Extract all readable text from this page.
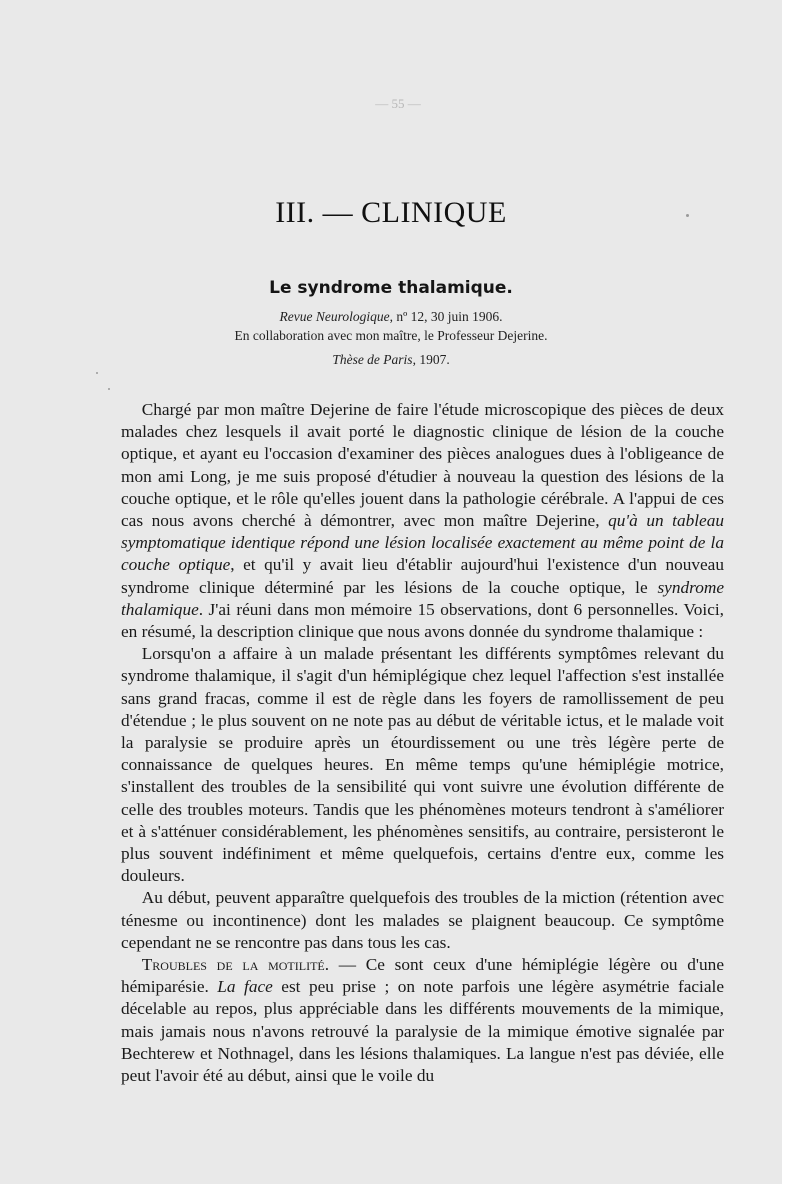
— 55 —
III. — CLINIQUE
Le syndrome thalamique.
Revue Neurologique, nº 12, 30 juin 1906.
En collaboration avec mon maître, le Professeur Dejerine.
Thèse de Paris, 1907.

Chargé par mon maître Dejerine de faire l'étude microscopique des pièces de deux malades chez lesquels il avait porté le diagnostic clinique de lésion de la couche optique, et ayant eu l'occasion d'examiner des pièces analogues dues à l'obligeance de mon ami Long, je me suis proposé d'étudier à nouveau la question des lésions de la couche optique, et le rôle qu'elles jouent dans la pathologie cérébrale. A l'appui de ces cas nous avons cherché à démontrer, avec mon maître Dejerine, qu'à un tableau symptomatique identique répond une lésion localisée exactement au même point de la couche optique, et qu'il y avait lieu d'établir aujourd'hui l'existence d'un nouveau syndrome clinique déterminé par les lésions de la couche optique, le syndrome thalamique. J'ai réuni dans mon mémoire 15 observations, dont 6 personnelles. Voici, en résumé, la description clinique que nous avons donnée du syndrome thalamique :

Lorsqu'on a affaire à un malade présentant les différents symptômes relevant du syndrome thalamique, il s'agit d'un hémiplégique chez lequel l'affection s'est installée sans grand fracas, comme il est de règle dans les foyers de ramollissement de peu d'étendue ; le plus souvent on ne note pas au début de véritable ictus, et le malade voit la paralysie se produire après un étourdissement ou une très légère perte de connaissance de quelques heures. En même temps qu'une hémiplégie motrice, s'installent des troubles de la sensibilité qui vont suivre une évolution différente de celle des troubles moteurs. Tandis que les phénomènes moteurs tendront à s'améliorer et à s'atténuer considérablement, les phénomènes sensitifs, au contraire, persisteront le plus souvent indéfiniment et même quelquefois, certains d'entre eux, comme les douleurs.

Au début, peuvent apparaître quelquefois des troubles de la miction (rétention avec ténesme ou incontinence) dont les malades se plaignent beaucoup. Ce symptôme cependant ne se rencontre pas dans tous les cas.

Troubles de la motilité. — Ce sont ceux d'une hémiplégie légère ou d'une hémiparésie. La face est peu prise ; on note parfois une légère asymétrie faciale décelable au repos, plus appréciable dans les différents mouvements de la mimique, mais jamais nous n'avons retrouvé la paralysie de la mimique émotive signalée par Bechterew et Nothnagel, dans les lésions thalamiques. La langue n'est pas déviée, elle peut l'avoir été au début, ainsi que le voile du
